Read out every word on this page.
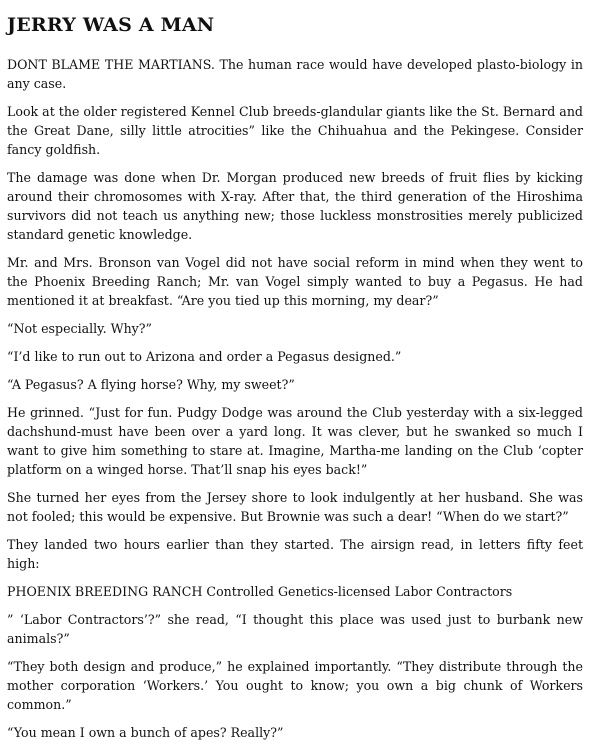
JERRY WAS A MAN

DONT BLAME THE MARTIANS. The human race would have developed plasto-biology in any case.

Look at the older registered Kennel Club breeds-glandular giants like the St. Bernard and the Great Dane, silly little atrocities” like the Chihuahua and the Pekingese. Consider fancy goldfish.

The damage was done when Dr. Morgan produced new breeds of fruit flies by kicking around their chromosomes with X-ray. After that, the third generation of the Hiroshima survivors did not teach us anything new; those luckless monstrosities merely publicized standard genetic knowledge.

Mr. and Mrs. Bronson van Vogel did not have social reform in mind when they went to the Phoenix Breeding Ranch; Mr. van Vogel simply wanted to buy a Pegasus. He had mentioned it at breakfast. “Are you tied up this morning, my dear?”

“Not especially. Why?”

“I’d like to run out to Arizona and order a Pegasus designed.”

“A Pegasus? A flying horse? Why, my sweet?”

He grinned. “Just for fun. Pudgy Dodge was around the Club yesterday with a six-legged dachshund-must have been over a yard long. It was clever, but he swanked so much I want to give him something to stare at. Imagine, Martha-me landing on the Club ‘copter platform on a winged horse. That’ll snap his eyes back!”

She turned her eyes from the Jersey shore to look indulgently at her husband. She was not fooled; this would be expensive. But Brownie was such a dear! “When do we start?”

They landed two hours earlier than they started. The airsign read, in letters fifty feet high:

PHOENIX BREEDING RANCH Controlled Genetics-licensed Labor Contractors

” ‘Labor Contractors’?” she read, “I thought this place was used just to burbank new animals?”

“They both design and produce,” he explained importantly. “They distribute through the mother corporation ‘Workers.’ You ought to know; you own a big chunk of Workers common.”

“You mean I own a bunch of apes? Really?”
